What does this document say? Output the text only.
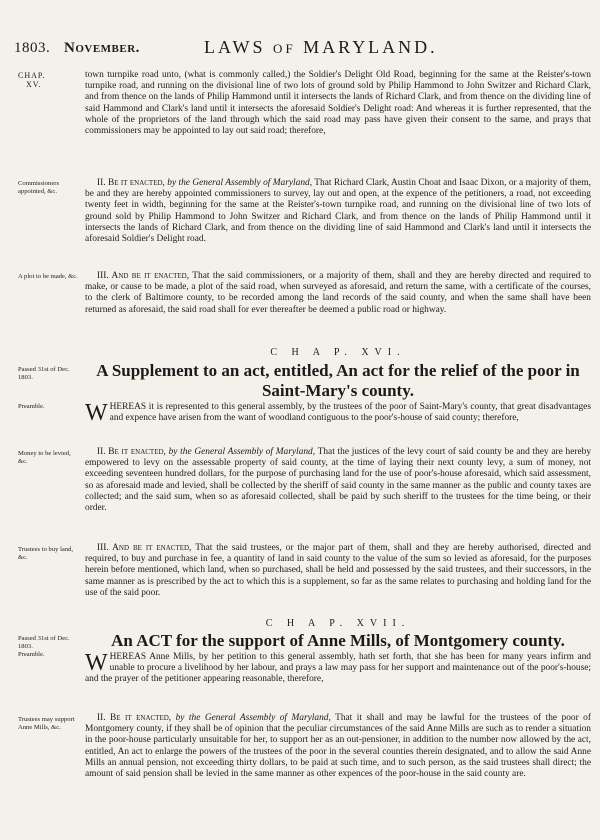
1803. November.	LAWS of MARYLAND.
CHAP.
XV.
town turnpike road unto, (what is commonly called,) the Soldier's Delight Old Road, beginning for the same at the Reister's-town turnpike road, and running on the divisional line of two lots of ground sold by Philip Hammond to John Switzer and Richard Clark, and from thence on the lands of Philip Hammond until it intersects the lands of Richard Clark, and from thence on the dividing line of said Hammond and Clark's land until it intersects the aforesaid Soldier's Delight road: And whereas it is further represented, that the whole of the proprietors of the land through which the said road may pass have given their consent to the same, and prays that commissioners may be appointed to lay out said road; therefore,
Commissioners appointed, &c.
II. Be it enacted, by the General Assembly of Maryland, That Richard Clark, Austin Choat and Isaac Dixon, or a majority of them, be and they are hereby appointed commissioners to survey, lay out and open, at the expence of the petitioners, a road, not exceeding twenty feet in width, beginning for the same at the Reister's-town turnpike road, and running on the divisional line of two lots of ground sold by Philip Hammond to John Switzer and Richard Clark, and from thence on the lands of Philip Hammond until it intersects the lands of Richard Clark, and from thence on the dividing line of said Hammond and Clark's land until it intersects the aforesaid Soldier's Delight road.
A plot to be made, &c.	III. And be it enacted, That the said commissioners, or a majority of them, shall and they are hereby directed and required to make, or cause to be made, a plot of the said road, when surveyed as aforesaid, and return the same, with a certificate of the courses, to the clerk of Baltimore county, to be recorded among the land records of the said county, and when the same shall have been returned as aforesaid, the said road shall for ever thereafter be deemed a public road or highway.
C H A P. XVI.
Passed 31st of Dec. 1803.	A Supplement to an act, entitled, An act for the relief of the poor in Saint-Mary's county.
Preamble.	WHEREAS it is represented to this general assembly, by the trustees of the poor of Saint-Mary's county, that great disadvantages and expence have arisen from the want of woodland contiguous to the poor's-house of said county; therefore,
Money to be levied, &c.
II. Be it enacted, by the General Assembly of Maryland, That the justices of the levy court of said county be and they are hereby empowered to levy on the assessable property of said county, at the time of laying their next county levy, a sum of money, not exceeding seventeen hundred dollars, for the purpose of purchasing land for the use of poor's-house aforesaid, which said assessment, so as aforesaid made and levied, shall be collected by the sheriff of said county in the same manner as the public and county taxes are collected; and the said sum, when so as aforesaid collected, shall be paid by such sheriff to the trustees for the time being, or their order.
Trustees to buy land, &c.
III. And be it enacted, That the said trustees, or the major part of them, shall and they are hereby authorised, directed and required, to buy and purchase in fee, a quantity of land in said county to the value of the sum so levied as aforesaid, for the purposes herein before mentioned, which land, when so purchased, shall be held and possessed by the said trustees, and their successors, in the same manner as is prescribed by the act to which this is a supplement, so far as the same relates to purchasing and holding land for the use of the said poor.
C H A P. XVII.
Passed 31st of Dec. 1803.
Preamble.
An ACT for the support of Anne Mills, of Montgomery county.
WHEREAS Anne Mills, by her petition to this general assembly, hath set forth, that she has been for many years infirm and unable to procure a livelihood by her labour, and prays a law may pass for her support and maintenance out of the poor's-house; and the prayer of the petitioner appearing reasonable, therefore,
Trustees may support Anne Mills, &c.
II. Be it enacted, by the General Assembly of Maryland, That it shall and may be lawful for the trustees of the poor of Montgomery county, if they shall be of opinion that the peculiar circumstances of the said Anne Mills are such as to render a situation in the poor-house particularly unsuitable for her, to support her as an out-pensioner, in addition to the number now allowed by the act, entitled, An act to enlarge the powers of the trustees of the poor in the several counties therein designated, and to allow the said Anne Mills an annual pension, not exceeding thirty dollars, to be paid at such time, and to such person, as the said trustees shall direct; the amount of said pension shall be levied in the same manner as other expences of the poor-house in the said county are.
